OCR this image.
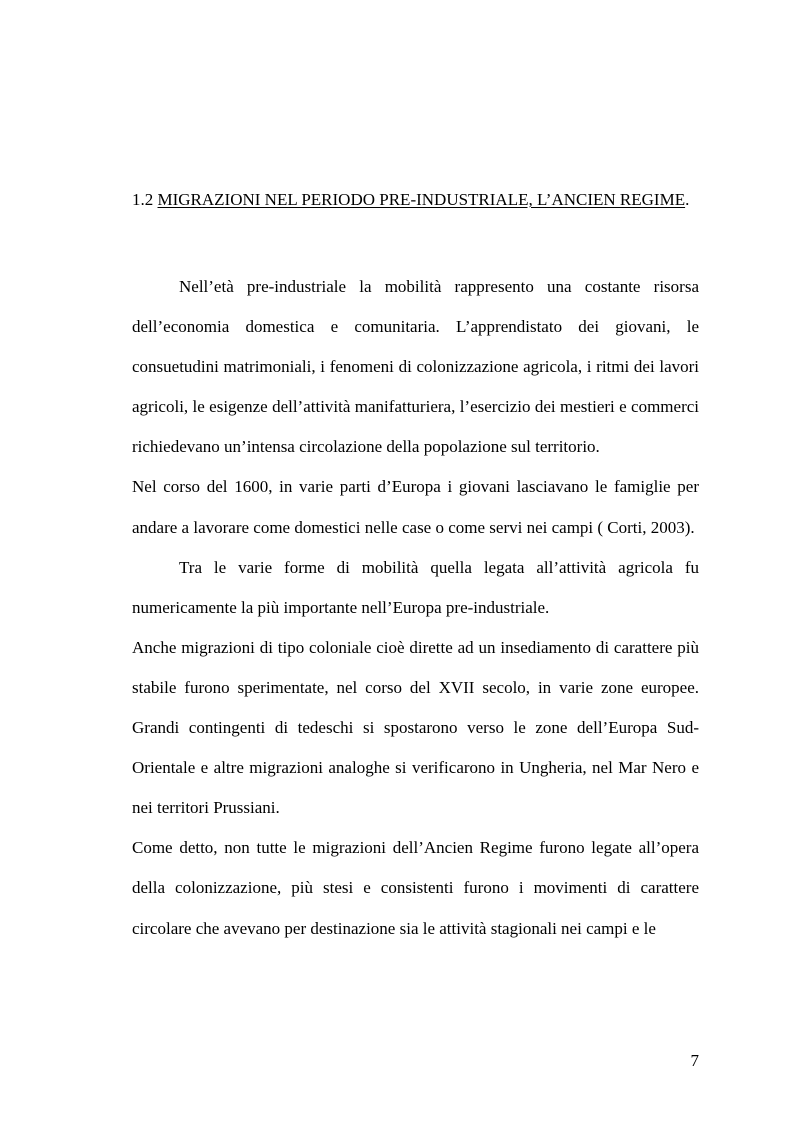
1.2 MIGRAZIONI NEL PERIODO PRE-INDUSTRIALE, L’ANCIEN REGIME.

Nell’età pre-industriale la mobilità rappresento una costante risorsa dell’economia domestica e comunitaria. L’apprendistato dei giovani, le consuetudini matrimoniali, i fenomeni di colonizzazione agricola, i ritmi dei lavori agricoli, le esigenze dell’attività manifatturiera, l’esercizio dei mestieri e commerci richiedevano un’intensa circolazione della popolazione sul territorio.

Nel corso del 1600, in varie parti d’Europa i giovani lasciavano le famiglie per andare a lavorare come domestici nelle case o come servi nei campi ( Corti, 2003).

Tra le varie forme di mobilità quella legata all’attività agricola fu numericamente la più importante nell’Europa pre-industriale.

Anche migrazioni di tipo coloniale cioè dirette ad un insediamento di carattere più stabile furono sperimentate, nel corso del XVII secolo, in varie zone europee. Grandi contingenti di tedeschi si spostarono verso le zone dell’Europa Sud-Orientale e altre migrazioni analoghe si verificarono in Ungheria, nel Mar Nero e nei territori Prussiani.

Come detto, non tutte le migrazioni dell’Ancien Regime furono legate all’opera della colonizzazione, più stesi e consistenti furono i movimenti di carattere circolare che avevano per destinazione sia le attività stagionali nei campi e le

7
